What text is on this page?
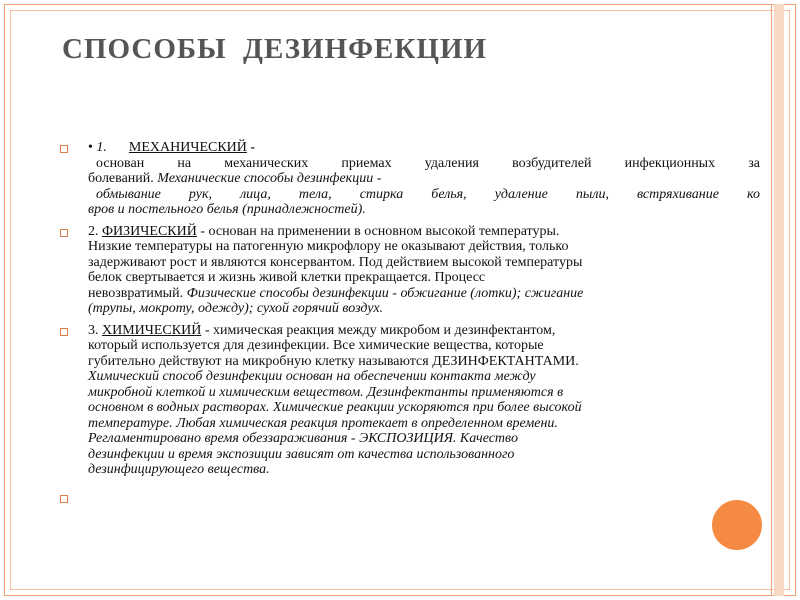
СПОСОБЫ  ДЕЗИНФЕКЦИИ
• 1. МЕХАНИЧЕСКИЙ -
основан на механических приемах удаления возбудителей инфекционных за
болеваний. Механические способы дезинфекции -
обмывание рук, лица, тела, стирка белья, удаление пыли, встряхивание ко
вров и постельного белья (принадлежностей).
2. ФИЗИЧЕСКИЙ - основан на применении в основном высокой температуры.
Низкие температуры на патогенную микрофлору не оказывают действия, только
задерживают рост и являются консервантом. Под действием высокой температуры
белок свертывается и жизнь живой клетки прекращается. Процесс
невозвратимый. Физические способы дезинфекции - обжигание (лотки); сжигание
(трупы, мокроту, одежду); сухой горячий воздух.
3. ХИМИЧЕСКИЙ - химическая реакция между микробом и дезинфектантом,
который используется для дезинфекции. Все химические вещества, которые
губительно действуют на микробную клетку называются ДЕЗИНФЕКТАНТАМИ.
Химический способ дезинфекции основан на обеспечении контакта между
микробной клеткой и химическим веществом. Дезинфектанты применяются в
основном в водных растворах. Химические реакции ускоряются при более высокой
температуре. Любая химическая реакция протекает в определенном времени.
Регламентировано время обеззараживания - ЭКСПОЗИЦИЯ. Качество
дезинфекции и время экспозиции зависят от качества использованного
дезинфицирующего вещества.
